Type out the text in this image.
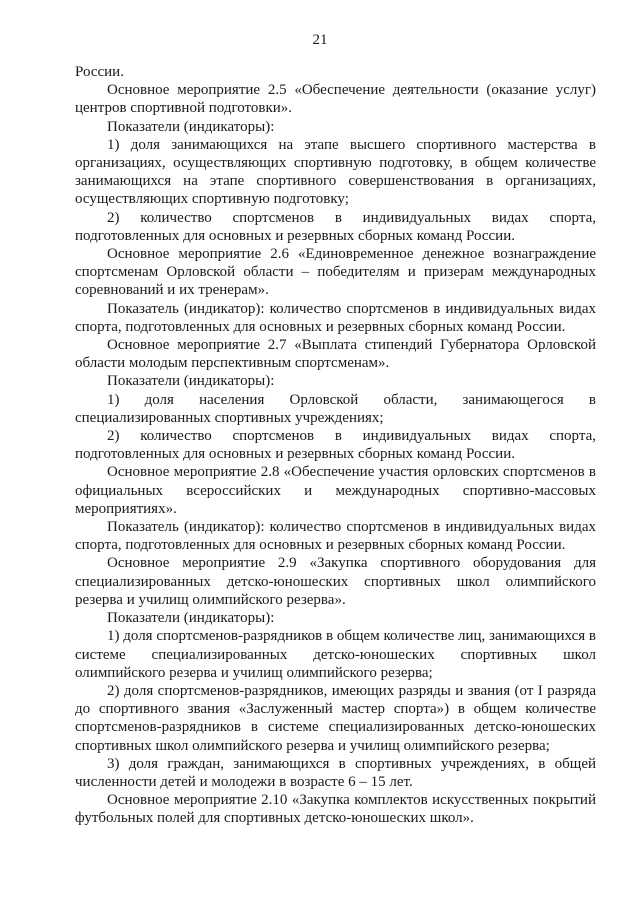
21

России.

Основное мероприятие 2.5 «Обеспечение деятельности (оказание услуг) центров спортивной подготовки».

Показатели (индикаторы):

1) доля занимающихся на этапе высшего спортивного мастерства в организациях, осуществляющих спортивную подготовку, в общем количестве занимающихся на этапе спортивного совершенствования в организациях, осуществляющих спортивную подготовку;

2) количество спортсменов в индивидуальных видах спорта, подготовленных для основных и резервных сборных команд России.

Основное мероприятие 2.6 «Единовременное денежное вознаграждение спортсменам Орловской области – победителям и призерам международных соревнований и их тренерам».

Показатель (индикатор): количество спортсменов в индивидуальных видах спорта, подготовленных для основных и резервных сборных команд России.

Основное мероприятие 2.7 «Выплата стипендий Губернатора Орловской области молодым перспективным спортсменам».

Показатели (индикаторы):

1) доля населения Орловской области, занимающегося в специализированных спортивных учреждениях;

2) количество спортсменов в индивидуальных видах спорта, подготовленных для основных и резервных сборных команд России.

Основное мероприятие 2.8 «Обеспечение участия орловских спортсменов в официальных всероссийских и международных спортивно-массовых мероприятиях».

Показатель (индикатор): количество спортсменов в индивидуальных видах спорта, подготовленных для основных и резервных сборных команд России.

Основное мероприятие 2.9 «Закупка спортивного оборудования для специализированных детско-юношеских спортивных школ олимпийского резерва и училищ олимпийского резерва».

Показатели (индикаторы):

1) доля спортсменов-разрядников в общем количестве лиц, занимающихся в системе специализированных детско-юношеских спортивных школ олимпийского резерва и училищ олимпийского резерва;

2) доля спортсменов-разрядников, имеющих разряды и звания (от I разряда до спортивного звания «Заслуженный мастер спорта») в общем количестве спортсменов-разрядников в системе специализированных детско-юношеских спортивных школ олимпийского резерва и училищ олимпийского резерва;

3) доля граждан, занимающихся в спортивных учреждениях, в общей численности детей и молодежи в возрасте 6 – 15 лет.

Основное мероприятие 2.10 «Закупка комплектов искусственных покрытий футбольных полей для спортивных детско-юношеских школ».
